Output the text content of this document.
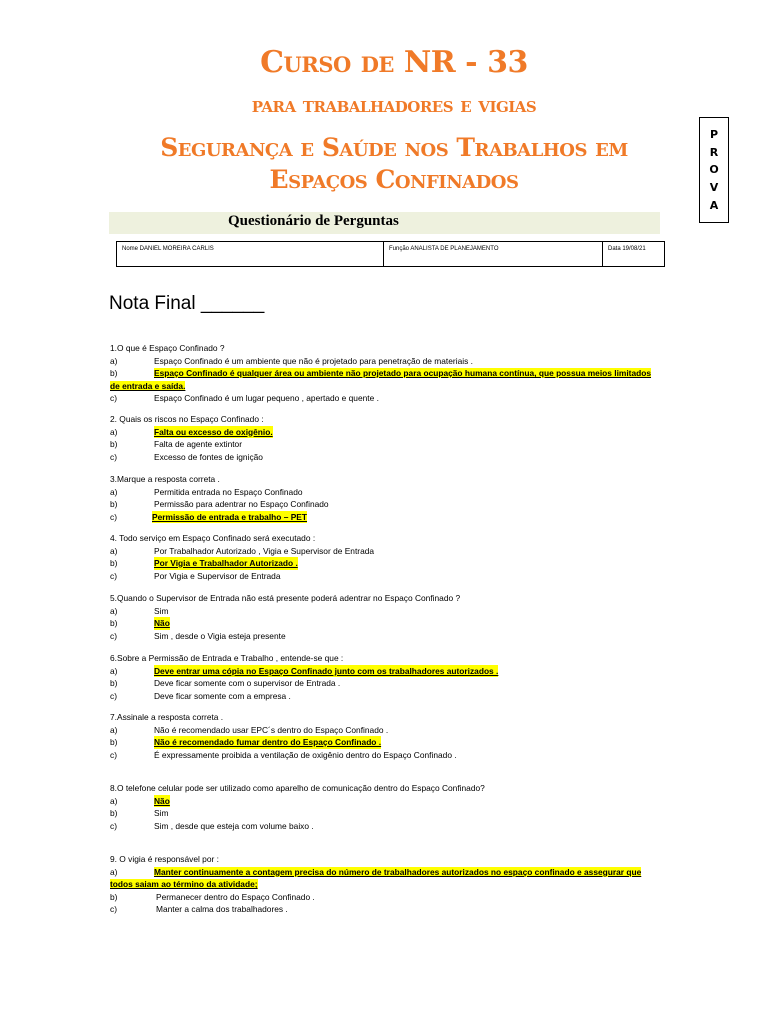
Curso de NR - 33
para trabalhadores e vigias
Segurança e Saúde nos Trabalhos em
Espaços Confinados
P
R
O
V
A
Questionário de Perguntas
Nome DANIEL MOREIRA CARLIS	Função ANALISTA DE PLANEJAMENTO	Data 19/08/21
Nota Final ______
1.O que é Espaço Confinado ?
a)	Espaço Confinado é um ambiente que não é projetado para penetração de materiais .
b)	Espaço Confinado é qualquer área ou ambiente não projetado para ocupação humana contínua, que possua meios limitados de entrada e saída.
c)	Espaço Confinado é um lugar pequeno , apertado e quente .
2. Quais os riscos no Espaço Confinado :
a)	Falta ou excesso de oxigênio.
b)	Falta de agente extintor
c)	Excesso de fontes de ignição
3.Marque a resposta correta .
a)	Permitida entrada no Espaço Confinado
b)	Permissão para adentrar no Espaço Confinado
c)	Permissão de entrada e trabalho – PET
4. Todo serviço em Espaço Confinado será executado :
a)	Por Trabalhador Autorizado , Vigia e Supervisor de Entrada
b)	Por Vigia e Trabalhador Autorizado .
c)	Por Vigia e Supervisor de Entrada
5.Quando o Supervisor de Entrada não está presente poderá adentrar no Espaço Confinado ?
a)	Sim
b)	Não
c)	Sim , desde o Vigia esteja presente
6.Sobre a Permissão de Entrada e Trabalho , entende-se que :
a)	Deve entrar uma cópia no Espaço Confinado junto com os trabalhadores autorizados .
b)	Deve ficar somente com o supervisor de Entrada .
c)	Deve ficar somente com a empresa .
7.Assinale a resposta correta .
a)	Não é recomendado usar EPC´s dentro do Espaço Confinado .
b)	Não é recomendado fumar dentro do Espaço Confinado .
c)	É expressamente proibida a ventilação de oxigênio dentro do Espaço Confinado .
8.O telefone celular pode ser utilizado como aparelho de comunicação dentro do Espaço Confinado?
a)	Não
b)	Sim
c)	Sim , desde que esteja com volume baixo .
9. O vigia é responsável por :
a)	Manter continuamente a contagem precisa do número de trabalhadores autorizados no espaço confinado e assegurar que todos saiam ao término da atividade;
b)	Permanecer dentro do Espaço Confinado .
c)	Manter a calma dos trabalhadores .
